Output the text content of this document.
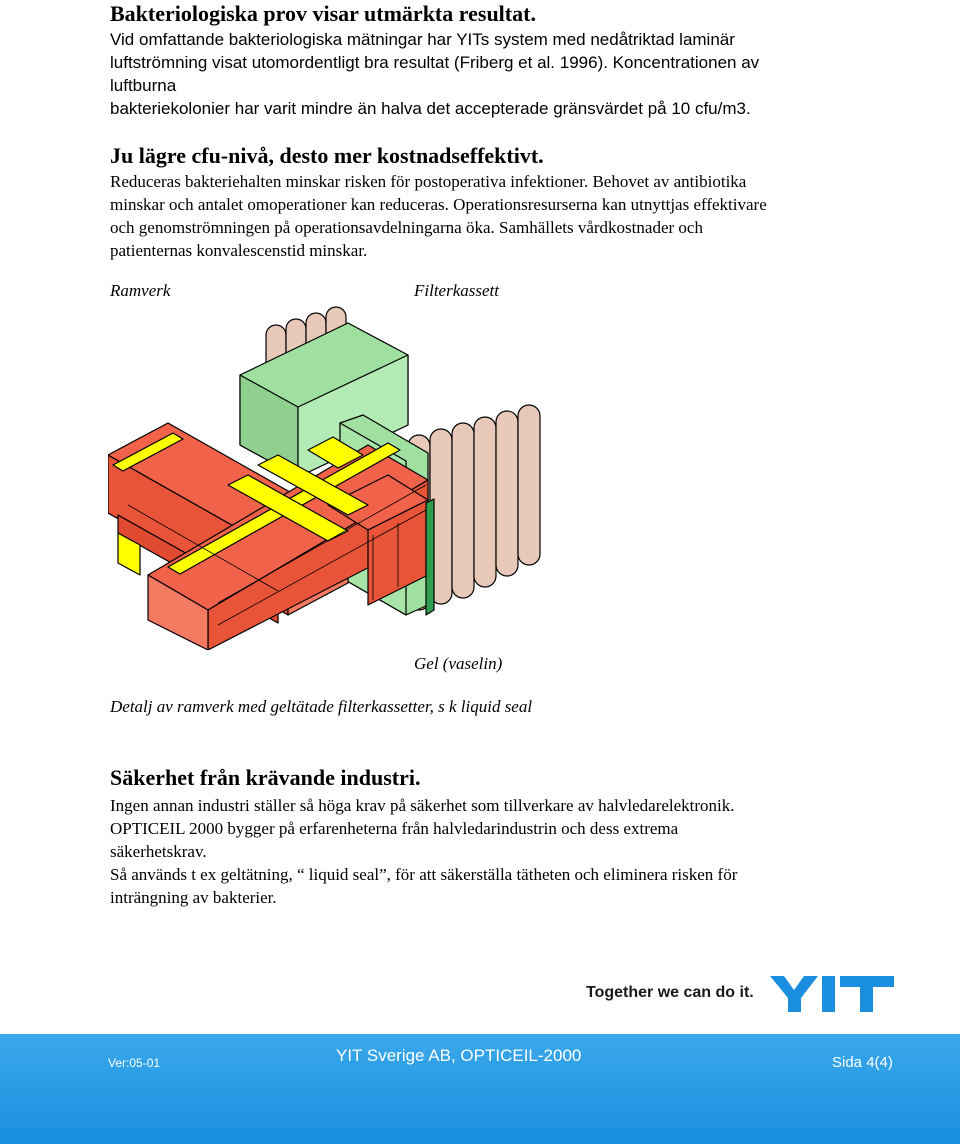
Bakteriologiska prov visar utmärkta resultat.

Vid omfattande bakteriologiska mätningar har YITs system med nedåtriktad laminär

luftströmning visat utomordentligt bra resultat (Friberg et al. 1996). Koncentrationen av luftburna

bakteriekolonier har varit mindre än halva det accepterade gränsvärdet på 10 cfu/m3.

Ju lägre cfu-nivå, desto mer kostnadseffektivt.

Reduceras bakteriehalten minskar risken för postoperativa infektioner. Behovet av antibiotika

minskar och antalet omoperationer kan reduceras. Operationsresurserna kan utnyttjas effektivare

och genomströmningen på operationsavdelningarna öka. Samhällets vårdkostnader och

patienternas konvalescenstid minskar.

Ramverk	Filterkassett
Gel (vaselin)
Detalj av ramverk med geltätade filterkassetter, s k liquid seal

Säkerhet från krävande industri.

Ingen annan industri ställer så höga krav på säkerhet som tillverkare av halvledarelektronik.

OPTICEIL 2000 bygger på erfarenheterna från halvledarindustrin och dess extrema

säkerhetskrav.

Så används t ex geltätning, “ liquid seal”, för att säkerställa tätheten och eliminera risken för

inträngning av bakterier.

Together we can do it.
Ver:05-01	YIT Sverige AB, OPTICEIL-2000	Sida 4(4)
